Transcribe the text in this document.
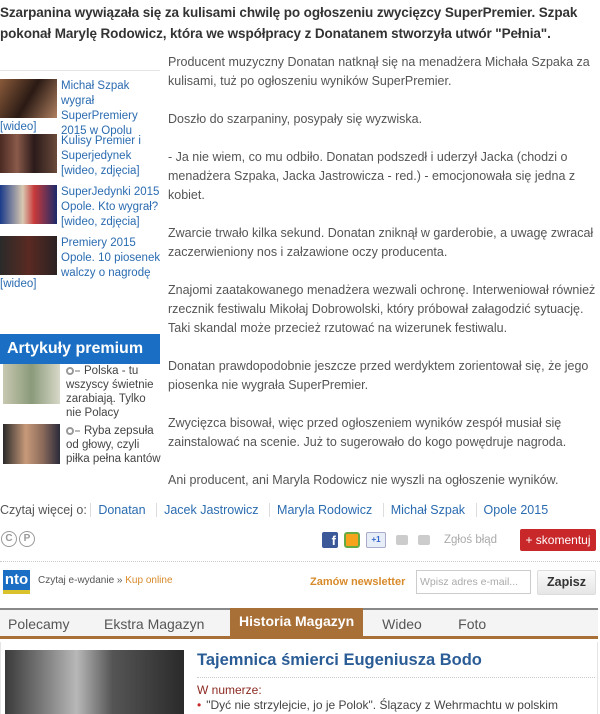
Szarpanina wywiązała się za kulisami chwilę po ogłoszeniu zwycięzcy SuperPremier. Szpak pokonał Marylę Rodowicz, która we współpracy z Donatanem stworzyła utwór "Pełnia".
Michał Szpak wygrał SuperPremiery 2015 w Opolu
[wideo]
Kulisy Premier i Superjedynek [wideo, zdjęcia]
SuperJedynki 2015 Opole. Kto wygrał? [wideo, zdjęcia]
Premiery 2015 Opole. 10 piosenek walczy o nagrodę
[wideo]
Artykuły premium
Polska - tu wszyscy świetnie zarabiają. Tylko nie Polacy
Ryba zepsuła od głowy, czyli piłka pełna kantów

Producent muzyczny Donatan natknął się na menadżera Michała Szpaka za kulisami, tuż po ogłoszeniu wyników SuperPremier.

Doszło do szarpaniny, posypały się wyzwiska.

- Ja nie wiem, co mu odbiło. Donatan podszedł i uderzył Jacka (chodzi o menadżera Szpaka, Jacka Jastrowicza - red.) - emocjonowała się jedna z kobiet.

Zwarcie trwało kilka sekund. Donatan zniknął w garderobie, a uwagę zwracał zaczerwieniony nos i załzawione oczy producenta.

Znajomi zaatakowanego menadżera wezwali ochronę. Interweniował również rzecznik festiwalu Mikołaj Dobrowolski, który próbował załagodzić sytuację. Taki skandal może przecież rzutować na wizerunek festiwalu.

Donatan prawdopodobnie jeszcze przed werdyktem zorientował się, że jego piosenka nie wygrała SuperPremier.

Zwycięzca bisował, więc przed ogłoszeniem wyników zespół musiał się zainstalować na scenie. Już to sugerowało do kogo powędruje nagroda.

Ani producent, ani Maryla Rodowicz nie wyszli na ogłoszenie wyników.

Czytaj więcej o: Donatan Jacek Jastrowicz Maryla Rodowicz Michał Szpak Opole 2015
C	P	f	+1	Zgłoś błąd	+ skomentuj
nto Czytaj e-wydanie » Kup online	Zamów newsletter
Wpisz adres e-mail...	Zapisz
Polecamy	Ekstra Magazyn	Historia Magazyn	Wideo	Foto
Tajemnica śmierci Eugeniusza Bodo
W numerze:
• "Dyć nie strzylejcie, jo je Polok". Ślązacy z Wehrmachtu w polskim
